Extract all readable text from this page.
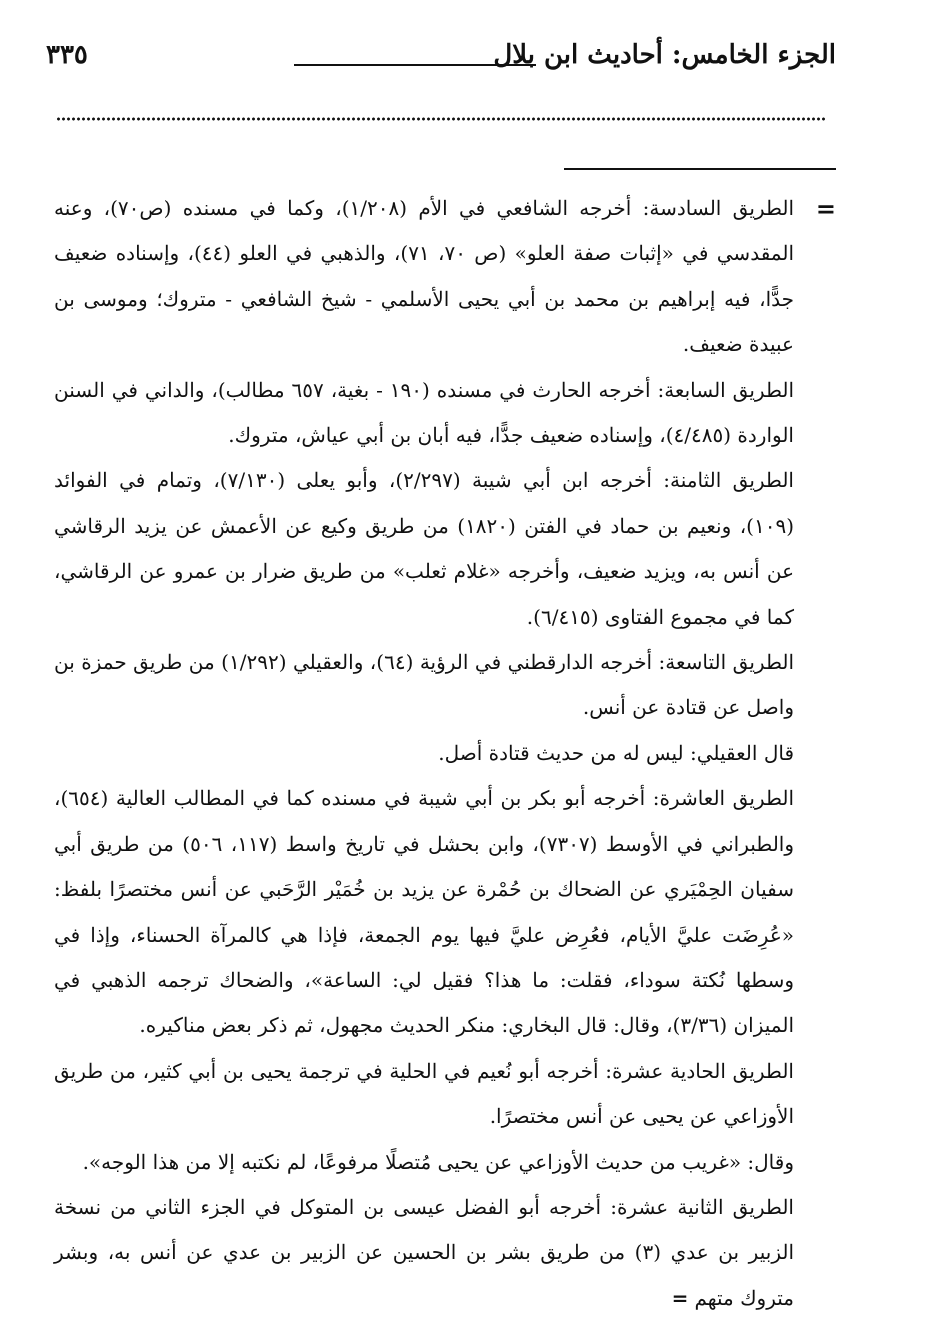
الجزء الخامس: أحاديث ابن بلال
٣٣٥
=

الطريق السادسة: أخرجه الشافعي في الأم (١/٢٠٨)، وكما في مسنده (ص٧٠)، وعنه المقدسي في «إثبات صفة العلو» (ص ٧٠، ٧١)، والذهبي في العلو (٤٤)، وإسناده ضعيف جدًّا، فيه إبراهيم بن محمد بن أبي يحيى الأسلمي - شيخ الشافعي - متروك؛ وموسى بن عبيدة ضعيف.

الطريق السابعة: أخرجه الحارث في مسنده (١٩٠ - بغية، ٦٥٧ مطالب)، والداني في السنن الواردة (٤/٤٨٥)، وإسناده ضعيف جدًّا، فيه أبان بن أبي عياش، متروك.

الطريق الثامنة: أخرجه ابن أبي شيبة (٢/٢٩٧)، وأبو يعلى (٧/١٣٠)، وتمام في الفوائد (١٠٩)، ونعيم بن حماد في الفتن (١٨٢٠) من طريق وكيع عن الأعمش عن يزيد الرقاشي عن أنس به، ويزيد ضعيف، وأخرجه «غلام ثعلب» من طريق ضرار بن عمرو عن الرقاشي، كما في مجموع الفتاوى (٦/٤١٥).

الطريق التاسعة: أخرجه الدارقطني في الرؤية (٦٤)، والعقيلي (١/٢٩٢) من طريق حمزة بن واصل عن قتادة عن أنس.

قال العقيلي: ليس له من حديث قتادة أصل.

الطريق العاشرة: أخرجه أبو بكر بن أبي شيبة في مسنده كما في المطالب العالية (٦٥٤)، والطبراني في الأوسط (٧٣٠٧)، وابن بحشل في تاريخ واسط (١١٧، ٥٠٦) من طريق أبي سفيان الحِمْيَري عن الضحاك بن حُمْرة عن يزيد بن خُمَيْر الرَّحَبي عن أنس مختصرًا بلفظ: «عُرِضَت عليَّ الأيام، فعُرِض عليَّ فيها يوم الجمعة، فإذا هي كالمرآة الحسناء، وإذا في وسطها نُكتة سوداء، فقلت: ما هذا؟ فقيل لي: الساعة»، والضحاك ترجمه الذهبي في الميزان (٣/٣٦)، وقال: قال البخاري: منكر الحديث مجهول، ثم ذكر بعض مناكيره.

الطريق الحادية عشرة: أخرجه أبو نُعيم في الحلية في ترجمة يحيى بن أبي كثير، من طريق الأوزاعي عن يحيى عن أنس مختصرًا.

وقال: «غريب من حديث الأوزاعي عن يحيى مُتصلًا مرفوعًا، لم نكتبه إلا من هذا الوجه».

الطريق الثانية عشرة: أخرجه أبو الفضل عيسى بن المتوكل في الجزء الثاني من نسخة الزبير بن عدي (٣) من طريق بشر بن الحسين عن الزبير بن عدي عن أنس به، وبشر متروك متهم=
